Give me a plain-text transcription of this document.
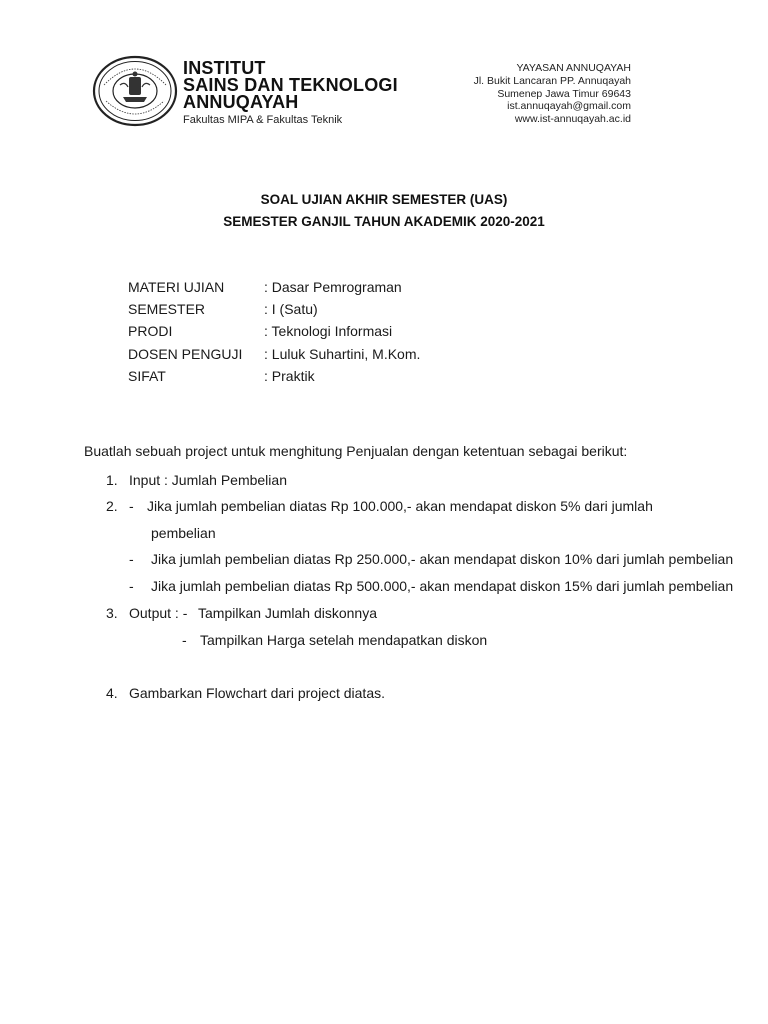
INSTITUT
SAINS DAN TEKNOLOGI
ANNUQAYAH
Fakultas MIPA & Fakultas Teknik
YAYASAN ANNUQAYAH
Jl. Bukit Lancaran PP. Annuqayah
Sumenep Jawa Timur 69643
ist.annuqayah@gmail.com
www.ist-annuqayah.ac.id
SOAL UJIAN AKHIR SEMESTER (UAS)
SEMESTER GANJIL TAHUN AKADEMIK 2020-2021
MATERI UJIAN	: Dasar Pemrograman
SEMESTER	: I (Satu)
PRODI	: Teknologi Informasi
DOSEN PENGUJI : Luluk Suhartini, M.Kom.
SIFAT	: Praktik
Buatlah sebuah project untuk menghitung Penjualan dengan ketentuan sebagai berikut:
1. Input : Jumlah Pembelian
2. - Jika jumlah pembelian diatas Rp 100.000,- akan mendapat diskon 5% dari jumlah
pembelian
- Jika jumlah pembelian diatas Rp 250.000,- akan mendapat diskon 10% dari jumlah pembelian
- Jika jumlah pembelian diatas Rp 500.000,- akan mendapat diskon 15% dari jumlah pembelian
3. Output : - Tampilkan Jumlah diskonnya
- Tampilkan Harga setelah mendapatkan diskon
4. Gambarkan Flowchart dari project diatas.
